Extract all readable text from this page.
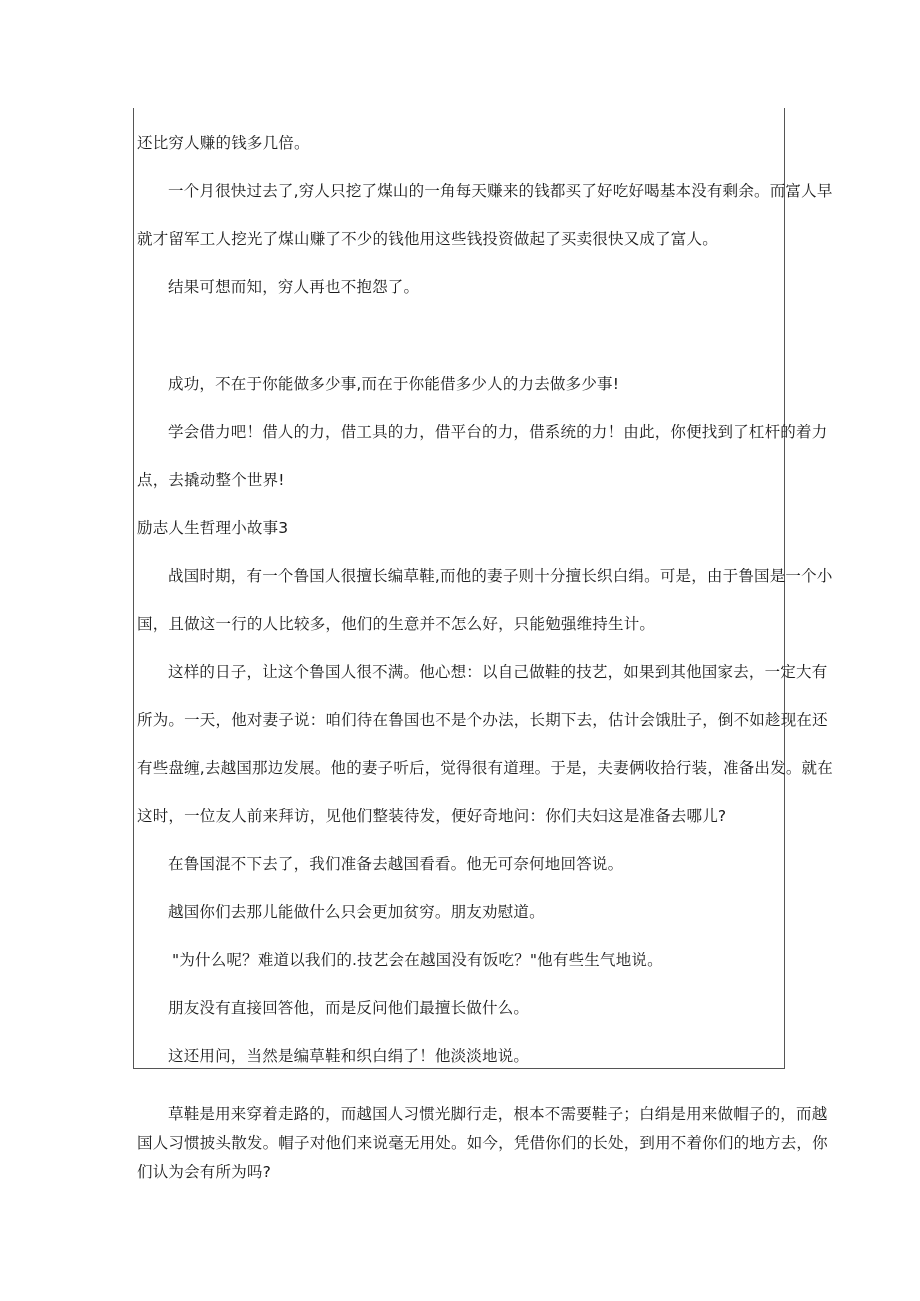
还比穷人赚的钱多几倍。
一个月很快过去了,穷人只挖了煤山的一角每天赚来的钱都买了好吃好喝基本没有剩余。而富人早
就才留军工人挖光了煤山赚了不少的钱他用这些钱投资做起了买卖很快又成了富人。
结果可想而知，穷人再也不抱怨了。
成功，不在于你能做多少事,而在于你能借多少人的力去做多少事!
学会借力吧！借人的力，借工具的力，借平台的力，借系统的力！由此，你便找到了杠杆的着力
点，去撬动整个世界!
励志人生哲理小故事3
战国时期，有一个鲁国人很擅长编草鞋,而他的妻子则十分擅长织白绢。可是，由于鲁国是一个小
国，且做这一行的人比较多，他们的生意并不怎么好，只能勉强维持生计。
这样的日子，让这个鲁国人很不满。他心想：以自己做鞋的技艺，如果到其他国家去，一定大有
所为。一天，他对妻子说：咱们待在鲁国也不是个办法，长期下去，估计会饿肚子，倒不如趁现在还
有些盘缠,去越国那边发展。他的妻子听后，觉得很有道理。于是，夫妻俩收拾行装，准备出发。就在
这时，一位友人前来拜访，见他们整装待发，便好奇地问：你们夫妇这是准备去哪儿?
在鲁国混不下去了，我们准备去越国看看。他无可奈何地回答说。
越国你们去那儿能做什么只会更加贫穷。朋友劝慰道。
"为什么呢？难道以我们的.技艺会在越国没有饭吃？"他有些生气地说。
朋友没有直接回答他，而是反问他们最擅长做什么。
这还用问，当然是编草鞋和织白绢了！他淡淡地说。
草鞋是用来穿着走路的，而越国人习惯光脚行走，根本不需要鞋子；白绢是用来做帽子的，而越
国人习惯披头散发。帽子对他们来说毫无用处。如今，凭借你们的长处，到用不着你们的地方去，你
们认为会有所为吗?
